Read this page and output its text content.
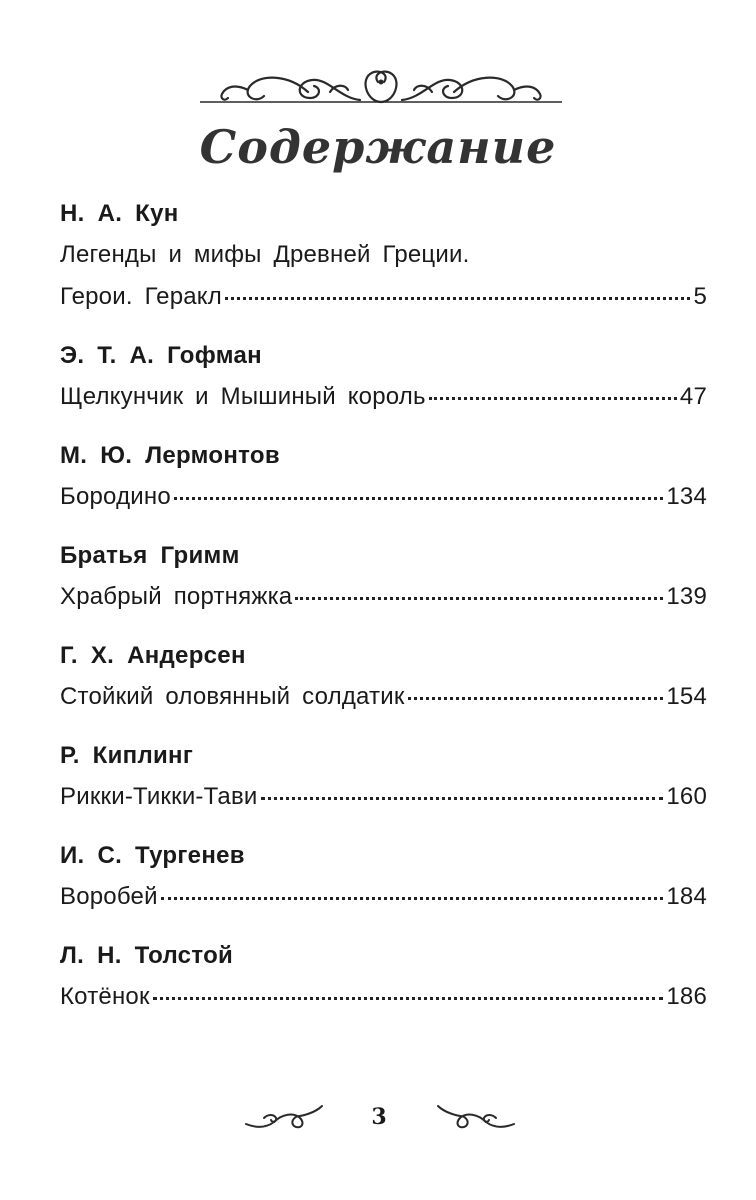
Содержание
Н. А. Кун
Легенды и мифы Древней Греции.
Герои. Геракл	5
Э. Т. А. Гофман
Щелкунчик и Мышиный король	47
М. Ю. Лермонтов
Бородино	134
Братья Гримм
Храбрый портняжка	139
Г. Х. Андерсен
Стойкий оловянный солдатик	154
Р. Киплинг
Рикки-Тикки-Тави	160
И. С. Тургенев
Воробей	184
Л. Н. Толстой
Котёнок	186
3
